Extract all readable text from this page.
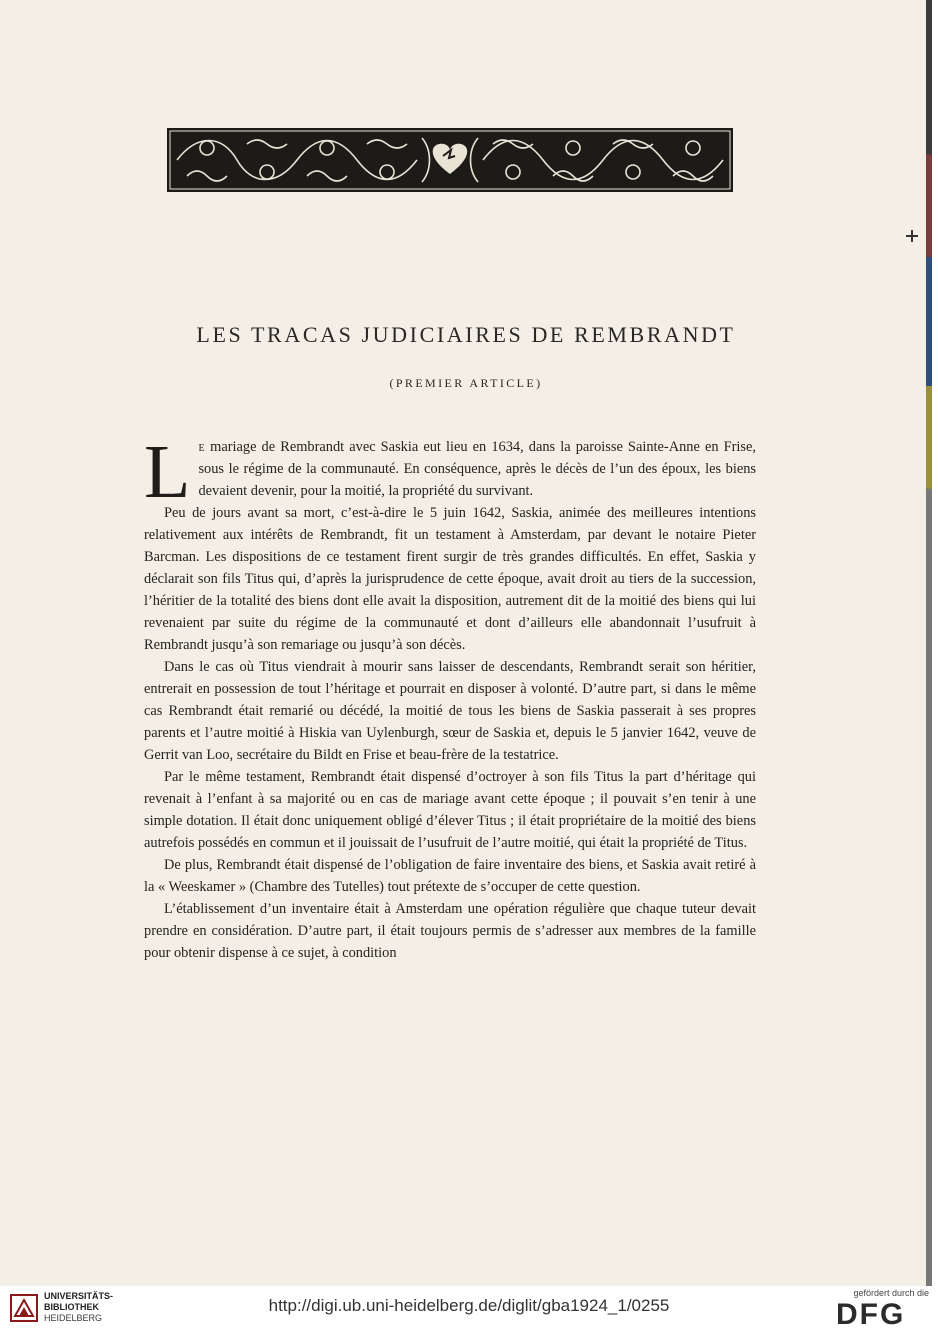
LES TRACAS JUDICIAIRES DE REMBRANDT

(PREMIER ARTICLE)

Le mariage de Rembrandt avec Saskia eut lieu en 1634, dans la paroisse Sainte-Anne en Frise, sous le régime de la communauté. En conséquence, après le décès de l’un des époux, les biens devaient devenir, pour la moitié, la propriété du survivant.

Peu de jours avant sa mort, c’est-à-dire le 5 juin 1642, Saskia, animée des meilleures intentions relativement aux intérêts de Rembrandt, fit un testament à Amsterdam, par devant le notaire Pieter Barcman. Les dispositions de ce testament firent surgir de très grandes difficultés. En effet, Saskia y déclarait son fils Titus qui, d’après la jurisprudence de cette époque, avait droit au tiers de la succession, l’héritier de la totalité des biens dont elle avait la disposition, autrement dit de la moitié des biens qui lui revenaient par suite du régime de la communauté et dont d’ailleurs elle abandonnait l’usufruit à Rembrandt jusqu’à son remariage ou jusqu’à son décès.

Dans le cas où Titus viendrait à mourir sans laisser de descendants, Rembrandt serait son héritier, entrerait en possession de tout l’héritage et pourrait en disposer à volonté. D’autre part, si dans le même cas Rembrandt était remarié ou décédé, la moitié de tous les biens de Saskia passerait à ses propres parents et l’autre moitié à Hiskia van Uylenburgh, sœur de Saskia et, depuis le 5 janvier 1642, veuve de Gerrit van Loo, secrétaire du Bildt en Frise et beau-frère de la testatrice.

Par le même testament, Rembrandt était dispensé d’octroyer à son fils Titus la part d’héritage qui revenait à l’enfant à sa majorité ou en cas de mariage avant cette époque ; il pouvait s’en tenir à une simple dotation. Il était donc uniquement obligé d’élever Titus ; il était propriétaire de la moitié des biens autrefois possédés en commun et il jouissait de l’usufruit de l’autre moitié, qui était la propriété de Titus.

De plus, Rembrandt était dispensé de l’obligation de faire inventaire des biens, et Saskia avait retiré à la « Weeskamer » (Chambre des Tutelles) tout prétexte de s’occuper de cette question.

L’établissement d’un inventaire était à Amsterdam une opération régulière que chaque tuteur devait prendre en considération. D’autre part, il était toujours permis de s’adresser aux membres de la famille pour obtenir dispense à ce sujet, à condition

UNIVERSITÄTS-
BIBLIOTHEK
HEIDELBERG
http://digi.ub.uni-heidelberg.de/diglit/gba1924_1/0255
gefördert durch die
DFG
